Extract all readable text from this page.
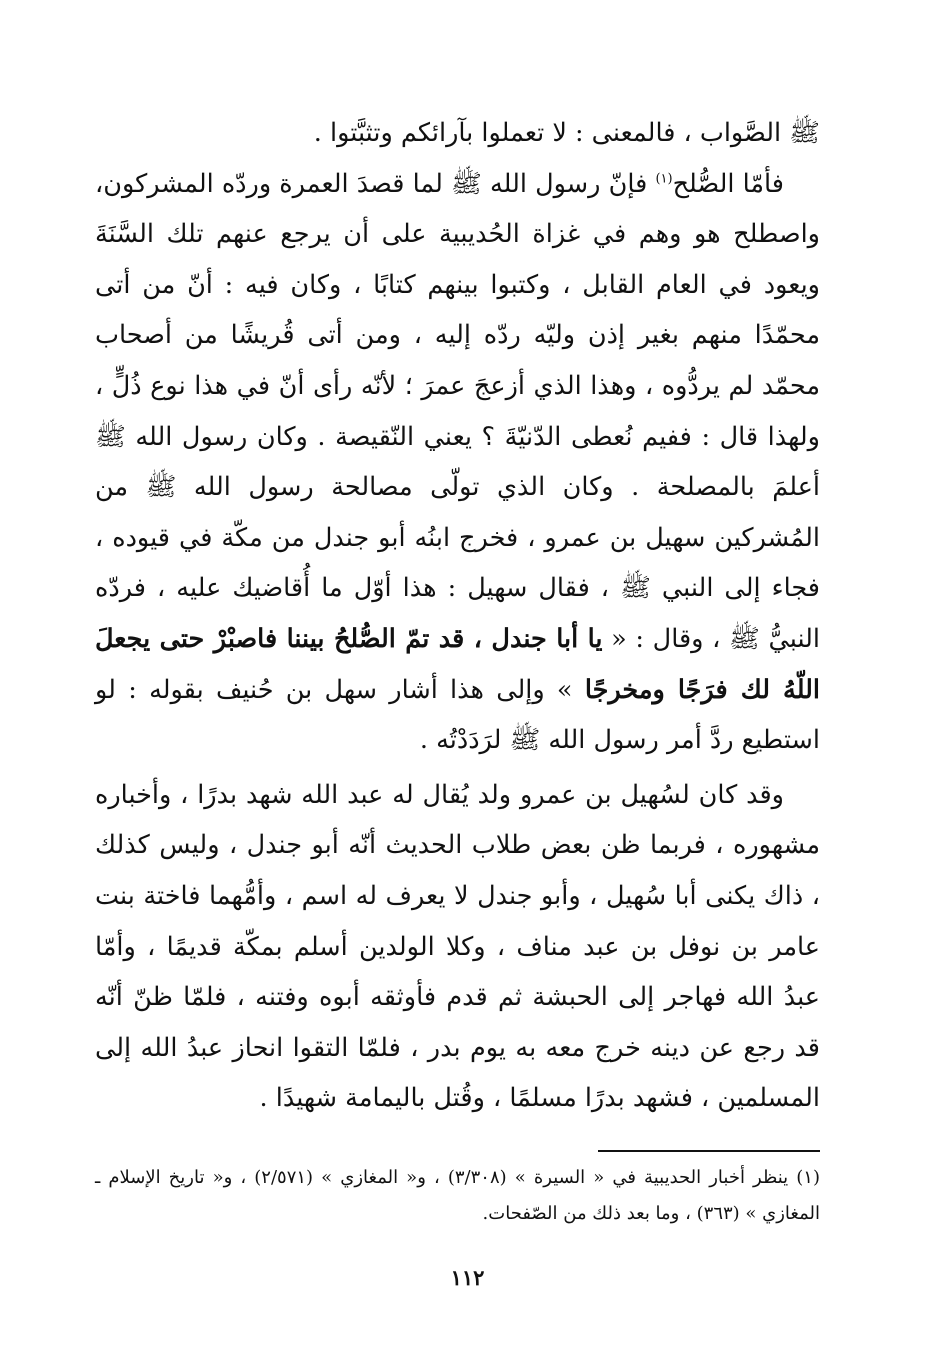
ﷺ الصَّواب ، فالمعنى : لا تعملوا بآرائكم وتثبَّتوا .

فأمّا الصُّلح$^{(١)}$ فإنّ رسول الله ﷺ لما قصدَ العمرة وردّه المشركون، واصطلح هو وهم في غزاة الحُديبية على أن يرجع عنهم تلك السَّنَةَ ويعود في العام القابل ، وكتبوا بينهم كتابًا ، وكان فيه : أنّ من أتى محمّدًا منهم بغير إذن وليّه ردّه إليه ، ومن أتى قُريشًا من أصحاب محمّد لم يردُّوه ، وهذا الذي أزعجَ عمرَ ؛ لأنّه رأى أنّ في هذا نوع ذُلٍّ ، ولهذا قال : ففيم نُعطى الدّنيّةَ ؟ يعني النّقيصة . وكان رسول الله ﷺ أعلمَ بالمصلحة . وكان الذي تولّى مصالحة رسول الله ﷺ من المُشركين سهيل بن عمرو ، فخرج ابنُه أبو جندل من مكّة في قيوده ، فجاء إلى النبي ﷺ ، فقال سهيل : هذا أوّل ما أُقاضيك عليه ، فردّه النبيُّ ﷺ ، وقال : « يا أبا جندل ، قد تمّ الصُّلحُ بيننا فاصبْرْ حتى يجعلَ اللّهُ لك فرَجًا ومخرجًا » وإلى هذا أشار سهل بن حُنيف بقوله : لو استطيع ردَّ أمر رسول الله ﷺ لرَدَدْتُه .

وقد كان لسُهيل بن عمرو ولد يُقال له عبد الله شهد بدرًا ، وأخباره مشهوره ، فربما ظن بعض طلاب الحديث أنّه أبو جندل ، وليس كذلك ، ذاك يكنى أبا سُهيل ، وأبو جندل لا يعرف له اسم ، وأمُّهما فاختة بنت عامر بن نوفل بن عبد مناف ، وكلا الولدين أسلم بمكّة قديمًا ، وأمّا عبدُ الله فهاجر إلى الحبشة ثم قدم فأوثقه أبوه وفتنه ، فلمّا ظنّ أنّه قد رجع عن دينه خرج معه به يوم بدر ، فلمّا التقوا انحاز عبدُ الله إلى المسلمين ، فشهد بدرًا مسلمًا ، وقُتل باليمامة شهيدًا .

(١) ينظر أخبار الحديبية في « السيرة » (٣/٣٠٨) ، و« المغازي » (٢/٥٧١) ، و« تاريخ الإسلام ـ المغازي » (٣٦٣) ، وما بعد ذلك من الصّفحات.

١١٢
